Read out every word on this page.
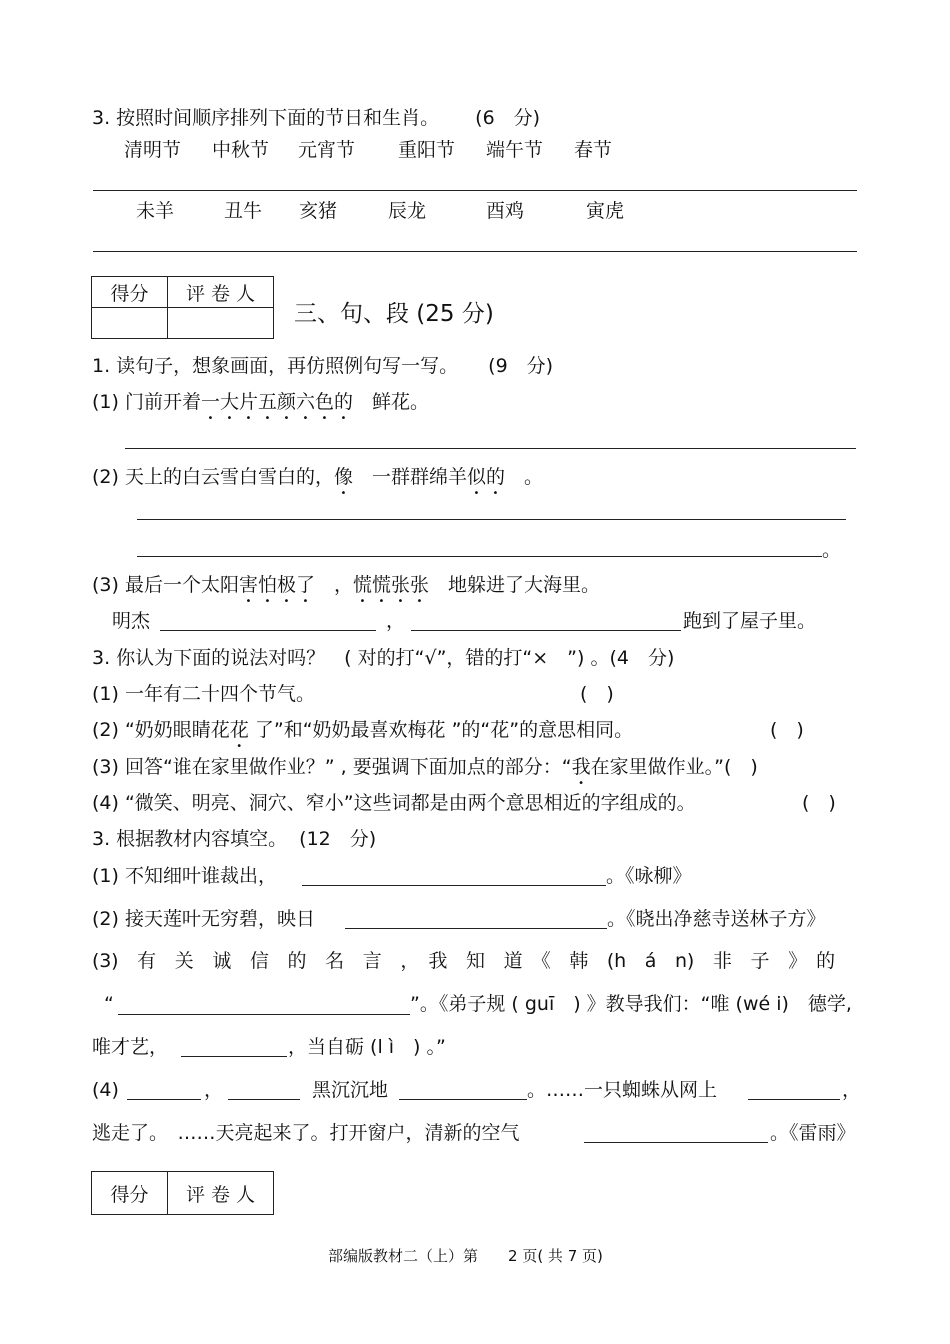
3. 按照时间顺序排列下面的节日和生肖。 (6　分)
清明节 中秋节 元宵节 重阳节 端午节 春节
未羊	丑牛 亥猪	辰龙	酉鸡	寅虎
得分	评 卷 人
三、句、段 (25 分)
1. 读句子，想象画面，再仿照例句写一写。 (9　分)
(1) 门前开着一大片五颜六色的　鲜花。
(2) 天上的白云雪白雪白的，像　一群群绵羊似的　。
。
(3) 最后一个太阳害怕极了　，慌慌张张　地躲进了大海里。
明杰	，	跑到了屋子里。
3. 你认为下面的说法对吗？　( 对的打“√”，错的打“×　”) 。(4　分)
(1) 一年有二十四个节气。	(　)
(2) “奶奶眼睛花花 了”和“奶奶最喜欢梅花 ”的“花”的意思相同。	(　)
(3) 回答“谁在家里做作业？” , 要强调下面加点的部分：“我在家里做作业。”(　)
(4) “微笑、明亮、洞穴、窄小”这些词都是由两个意思相近的字组成的。	(　)
3. 根据教材内容填空。 (12　分)
(1) 不知细叶谁裁出，	。《咏柳》
(2) 接天莲叶无穷碧，映日	。《晓出净慈寺送林子方》
(3)　有　关　诚　信　的　名　言　，　我　知　道　《　韩　(h　á　n)　非　子　》　的
“	”。《弟子规 ( guī　) 》教导我们：“唯 (wé i)　德学,
唯才艺，	，当自砺 (l ì　) 。”
(4)	，	黑沉沉地	。……一只蜘蛛从网上	，
逃走了。　……天亮起来了。打开窗户，清新的空气	。《雷雨》
得分	评 卷 人
部编版教材二（上）第　　2 页( 共 7 页)
